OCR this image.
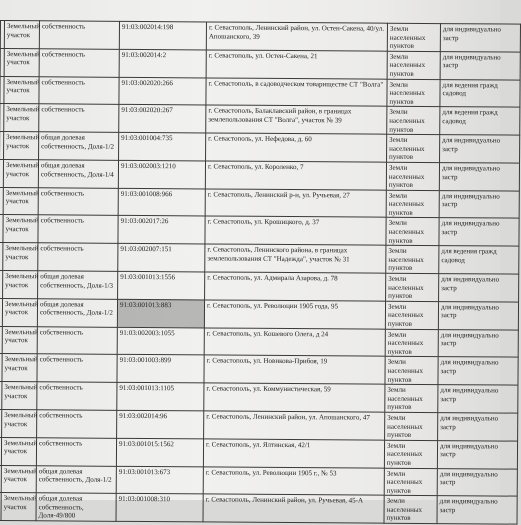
	Земельный участок	собственность	91:03:002014:198	г. Севастополь, Ленинский район, ул. Остен-Сакена, 40/ул. Апошанского, 39	Земли населенных пунктов	для индивидуально застр
	Земельный участок	собственность	91:03:002014:2	г. Севастополь, ул. Остен-Сакена, 21	Земли населенных пунктов	для индивидуально застр
	Земельный участок	собственность	91:03:002020:266	г. Севастополь, в садоводческом товариществе СТ "Волга"	Земли населенных пунктов	для ведения гражд садовод
	Земельный участок	собственность	91:03:002020:267	г. Севастополь, Балаклавский район, в границах землепользования СТ "Волга", участок № 39	Земли населенных пунктов	для ведения гражд садовод
	Земельный участок	общая долевая собственность, Доля-1/2	91:03:001004:735	г. Севастополь, ул. Нефедова, д. 60	Земли населенных пунктов	для индивидуально застр
	Земельный участок	общая долевая собственность, Доля-1/4	91:03:002003:1210	г. Севастополь, ул. Короленко, 7	Земли населенных пунктов	для индивидуально застр
	Земельный участок	собственность	91:03:001008:966	г. Севастополь, Ленинский р-н, ул. Ручьевая, 27	Земли населенных пунктов	для индивидуально застр
	Земельный участок	собственность	91:03:002017:26	г. Севастополь, ул. Крошицкого, д. 37	Земли населенных пунктов	для индивидуально застр
	Земельный участок	собственность	91:03:002007:151	г. Севастополь, Ленинского района, в границах землепользования СТ "Надежда", участок № 31	Земли населенных пунктов	для ведения гражд садовод
	Земельный участок	общая долевая собственность, Доля-1/3	91:03:001013:1556	г. Севастополь, ул. Адмирала Азарова, д. 78	Земли населенных пунктов	для индивидуально застр
	Земельный участок	общая долевая собственность, Доля-1/2	91:03:001013:883	г. Севастополь, ул. Революции 1905 года, 95	Земли населенных пунктов	для индивидуально застр
	Земельный участок	собственность	91:03:002003:1055	г. Севастополь, ул. Кошевого Олега, д 24	Земли населенных пунктов	для индивидуально застр
	Земельный участок	собственность	91:03:001003:899	г. Севастополь, ул. Новикова-Прибоя, 19	Земли населенных пунктов	для индивидуально застр
	Земельный участок	собственность	91:03:001013:1105	г. Севастополь, ул. Коммунистическая, 59	Земли населенных пунктов	для индивидуально застр
	Земельный участок	собственность	91:03:002014:96	г. Севастополь, Ленинский район, ул. Апошанского, 47	Земли населенных пунктов	для индивидуально застр
	Земельный участок	собственность	91:03:001015:1562	г. Севастополь, ул. Ялтинская, 42/1	Земли населенных пунктов	для индивидуально застр
	Земельный участок	общая долевая собственность, Доля-1/2	91:03:001013:673	г. Севастополь, ул. Революции 1905 г., № 53	Земли населенных пунктов	для индивидуально застр
	Земельный участок	общая долевая собственность, Доля-49/800	91:03:001008:310	г. Севастополь, Ленинский район, ул. Ручьевая, 45-А	Земли населенных пунктов	для индивидуально застр
